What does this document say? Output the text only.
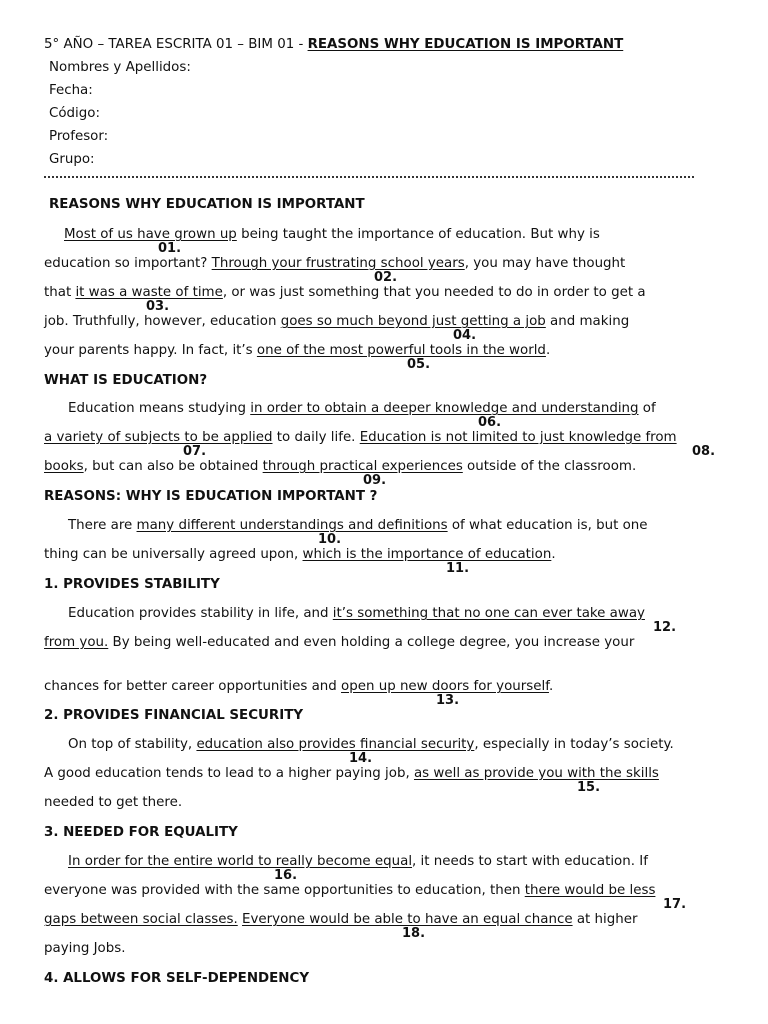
5° AÑO – TAREA ESCRITA 01 – BIM 01 - REASONS WHY EDUCATION IS IMPORTANT
Nombres y Apellidos:
Fecha:
Código:
Profesor:
Grupo:
REASONS WHY EDUCATION IS IMPORTANT
Most of us have grown up being taught the importance of education. But why is
01.
education so important? Through your frustrating school years, you may have thought
02.
that it was a waste of time, or was just something that you needed to do in order to get a
03.
job. Truthfully, however, education goes so much beyond just getting a job and making
04.
your parents happy. In fact, it’s one of the most powerful tools in the world.
05.
WHAT IS EDUCATION?
Education means studying in order to obtain a deeper knowledge and understanding of
06.
a variety of subjects to be applied to daily life. Education is not limited to just knowledge from
07.	08.
books, but can also be obtained through practical experiences outside of the classroom.
09.
REASONS: WHY IS EDUCATION IMPORTANT ?
There are many different understandings and definitions of what education is, but one
10.
thing can be universally agreed upon, which is the importance of education.
11.
1. PROVIDES STABILITY
Education provides stability in life, and it’s something that no one can ever take away
12.
from you. By being well-educated and even holding a college degree, you increase your
chances for better career opportunities and open up new doors for yourself.
13.
2. PROVIDES FINANCIAL SECURITY
On top of stability, education also provides financial security, especially in today’s society.
14.
A good education tends to lead to a higher paying job, as well as provide you with the skills
15.
needed to get there.
3. NEEDED FOR EQUALITY
In order for the entire world to really become equal, it needs to start with education. If
16.
everyone was provided with the same opportunities to education, then there would be less
17.
gaps between social classes. Everyone would be able to have an equal chance at higher
18.
paying Jobs.
4. ALLOWS FOR SELF-DEPENDENCY
